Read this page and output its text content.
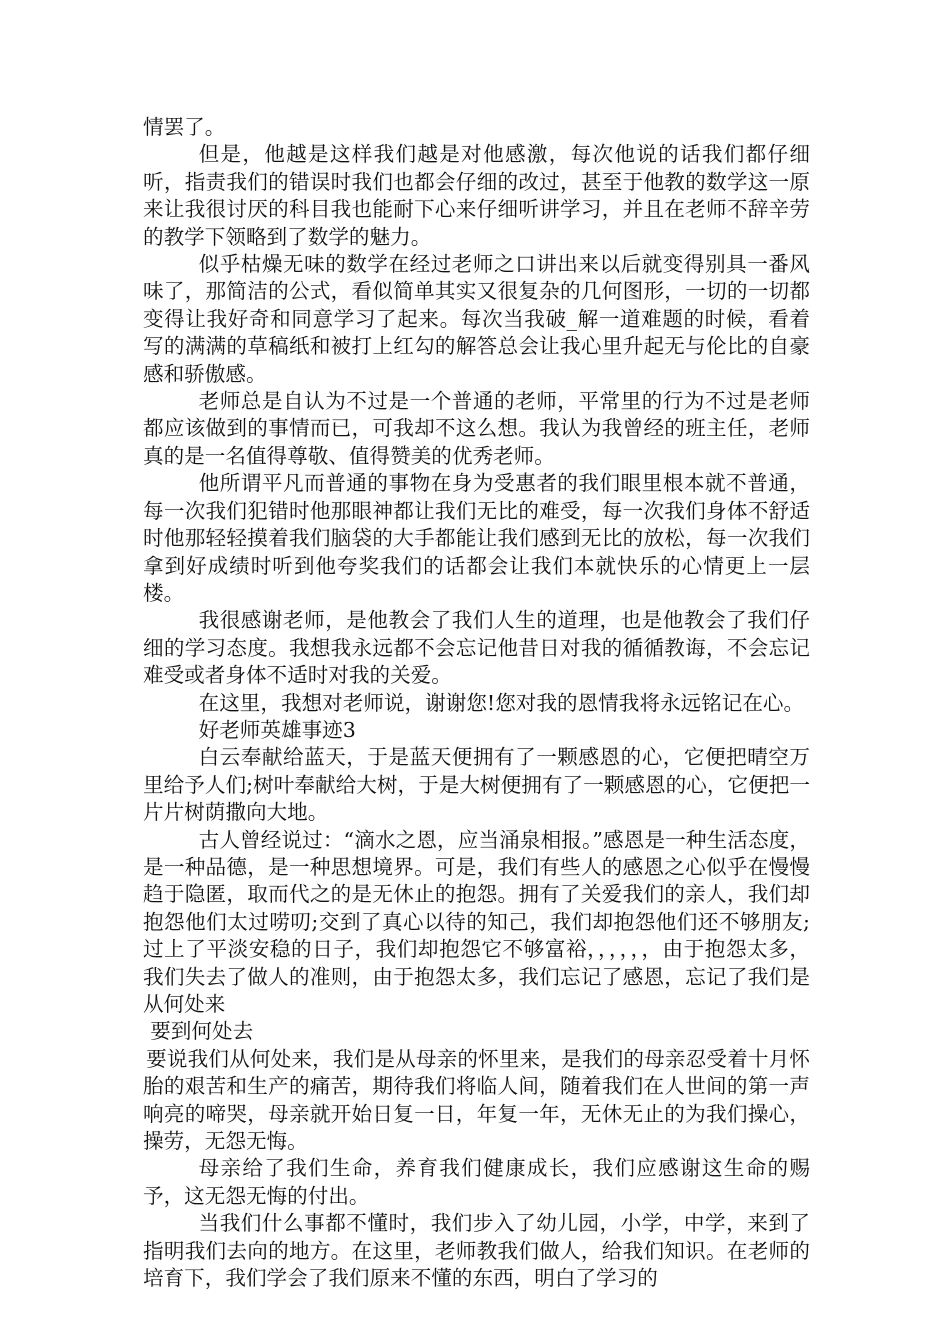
情罢了。

但是，他越是这样我们越是对他感激，每次他说的话我们都仔细听，指责我们的错误时我们也都会仔细的改过，甚至于他教的数学这一原来让我很讨厌的科目我也能耐下心来仔细听讲学习，并且在老师不辞辛劳的教学下领略到了数学的魅力。

似乎枯燥无味的数学在经过老师之口讲出来以后就变得别具一番风味了，那简洁的公式，看似简单其实又很复杂的几何图形，一切的一切都变得让我好奇和同意学习了起来。每次当我破_解一道难题的时候，看着写的满满的草稿纸和被打上红勾的解答总会让我心里升起无与伦比的自豪感和骄傲感。

老师总是自认为不过是一个普通的老师，平常里的行为不过是老师都应该做到的事情而已，可我却不这么想。我认为我曾经的班主任，老师真的是一名值得尊敬、值得赞美的优秀老师。

他所谓平凡而普通的事物在身为受惠者的我们眼里根本就不普通，每一次我们犯错时他那眼神都让我们无比的难受，每一次我们身体不舒适时他那轻轻摸着我们脑袋的大手都能让我们感到无比的放松，每一次我们拿到好成绩时听到他夸奖我们的话都会让我们本就快乐的心情更上一层楼。

我很感谢老师，是他教会了我们人生的道理，也是他教会了我们仔细的学习态度。我想我永远都不会忘记他昔日对我的循循教诲，不会忘记难受或者身体不适时对我的关爱。

在这里，我想对老师说，谢谢您!您对我的恩情我将永远铭记在心。

好老师英雄事迹3

白云奉献给蓝天，于是蓝天便拥有了一颗感恩的心，它便把晴空万里给予人们;树叶奉献给大树，于是大树便拥有了一颗感恩的心，它便把一片片树荫撒向大地。

古人曾经说过：“滴水之恩，应当涌泉相报。”感恩是一种生活态度，是一种品德，是一种思想境界。可是，我们有些人的感恩之心似乎在慢慢趋于隐匿，取而代之的是无休止的抱怨。拥有了关爱我们的亲人，我们却抱怨他们太过唠叨;交到了真心以待的知己，我们却抱怨他们还不够朋友;过上了平淡安稳的日子，我们却抱怨它不够富裕，，，，，，由于抱怨太多，我们失去了做人的准则，由于抱怨太多，我们忘记了感恩，忘记了我们是从何处来

要到何处去

要说我们从何处来，我们是从母亲的怀里来，是我们的母亲忍受着十月怀胎的艰苦和生产的痛苦，期待我们将临人间，随着我们在人世间的第一声响亮的啼哭，母亲就开始日复一日，年复一年，无休无止的为我们操心，操劳，无怨无悔。

母亲给了我们生命，养育我们健康成长，我们应感谢这生命的赐予，这无怨无悔的付出。

当我们什么事都不懂时，我们步入了幼儿园，小学，中学，来到了指明我们去向的地方。在这里，老师教我们做人，给我们知识。在老师的培育下，我们学会了我们原来不懂的东西，明白了学习的
